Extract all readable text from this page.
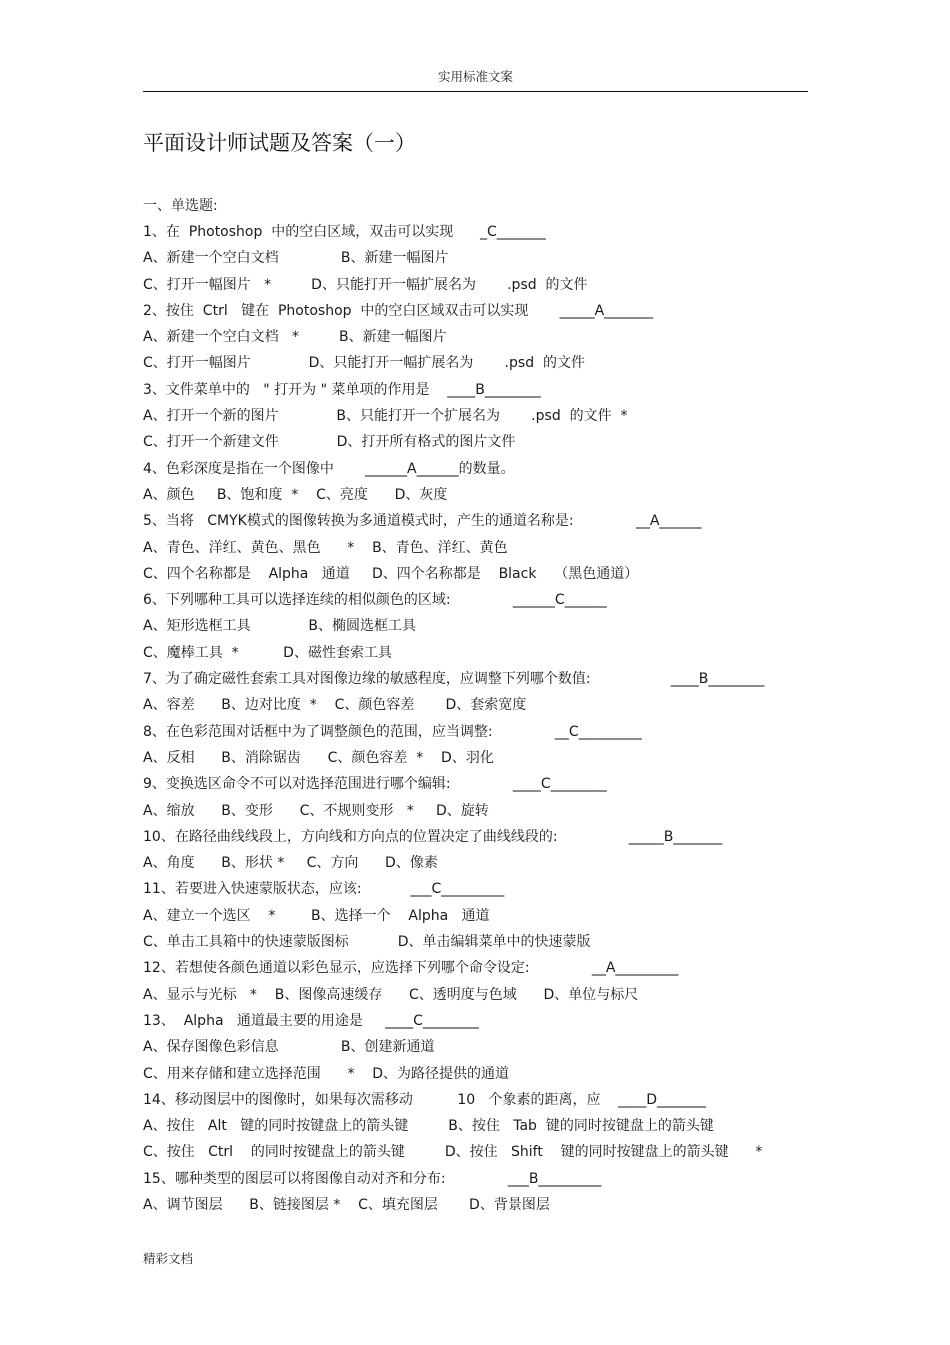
实用标准文案
平面设计师试题及答案（一）
一、单选题:
1、在  Photoshop  中的空白区域，双击可以实现      _C_______
A、新建一个空白文档              B、新建一幅图片
C、打开一幅图片   *         D、只能打开一幅扩展名为       .psd  的文件
2、按住  Ctrl   键在  Photoshop  中的空白区域双击可以实现       _____A_______
A、新建一个空白文档   *         B、新建一幅图片
C、打开一幅图片             D、只能打开一幅扩展名为       .psd  的文件
3、文件菜单中的   " 打开为 " 菜单项的作用是    ____B________
A、打开一个新的图片             B、只能打开一个扩展名为       .psd  的文件  *
C、打开一个新建文件             D、打开所有格式的图片文件
4、色彩深度是指在一个图像中       ______A______的数量。
A、颜色     B、饱和度  *    C、亮度      D、灰度
5、当将   CMYK模式的图像转换为多通道模式时，产生的通道名称是:              __A______
A、青色、洋红、黄色、黑色      *    B、青色、洋红、黄色
C、四个名称都是    Alpha   通道     D、四个名称都是    Black    （黑色通道）
6、下列哪种工具可以选择连续的相似颜色的区域:              ______C______
A、矩形选框工具             B、椭圆选框工具
C、魔棒工具  *          D、磁性套索工具
7、为了确定磁性套索工具对图像边缘的敏感程度，应调整下列哪个数值:                  ____B________
A、容差      B、边对比度  *    C、颜色容差       D、套索宽度
8、在色彩范围对话框中为了调整颜色的范围，应当调整:              __C_________
A、反相      B、消除锯齿      C、颜色容差  *    D、羽化
9、变换选区命令不可以对选择范围进行哪个编辑:              ____C________
A、缩放      B、变形      C、不规则变形   *     D、旋转
10、在路径曲线线段上，方向线和方向点的位置决定了曲线线段的:                _____B_______
A、角度      B、形状 *     C、方向      D、像素
11、若要进入快速蒙版状态，应该:           ___C_________
A、建立一个选区    *        B、选择一个    Alpha   通道
C、单击工具箱中的快速蒙版图标           D、单击编辑菜单中的快速蒙版
12、若想使各颜色通道以彩色显示，应选择下列哪个命令设定:              __A_________
A、显示与光标   *    B、图像高速缓存      C、透明度与色域      D、单位与标尺
13、  Alpha   通道最主要的用途是     ____C________
A、保存图像色彩信息              B、创建新通道
C、用来存储和建立选择范围      *    D、为路径提供的通道
14、移动图层中的图像时，如果每次需移动          10   个象素的距离，应    ____D_______
A、按住   Alt   键的同时按键盘上的箭头键         B、按住   Tab  键的同时按键盘上的箭头键
C、按住   Ctrl    的同时按键盘上的箭头键         D、按住   Shift    键的同时按键盘上的箭头键      *
15、哪种类型的图层可以将图像自动对齐和分布:              ___B_________
A、调节图层      B、链接图层 *    C、填充图层       D、背景图层
精彩文档
